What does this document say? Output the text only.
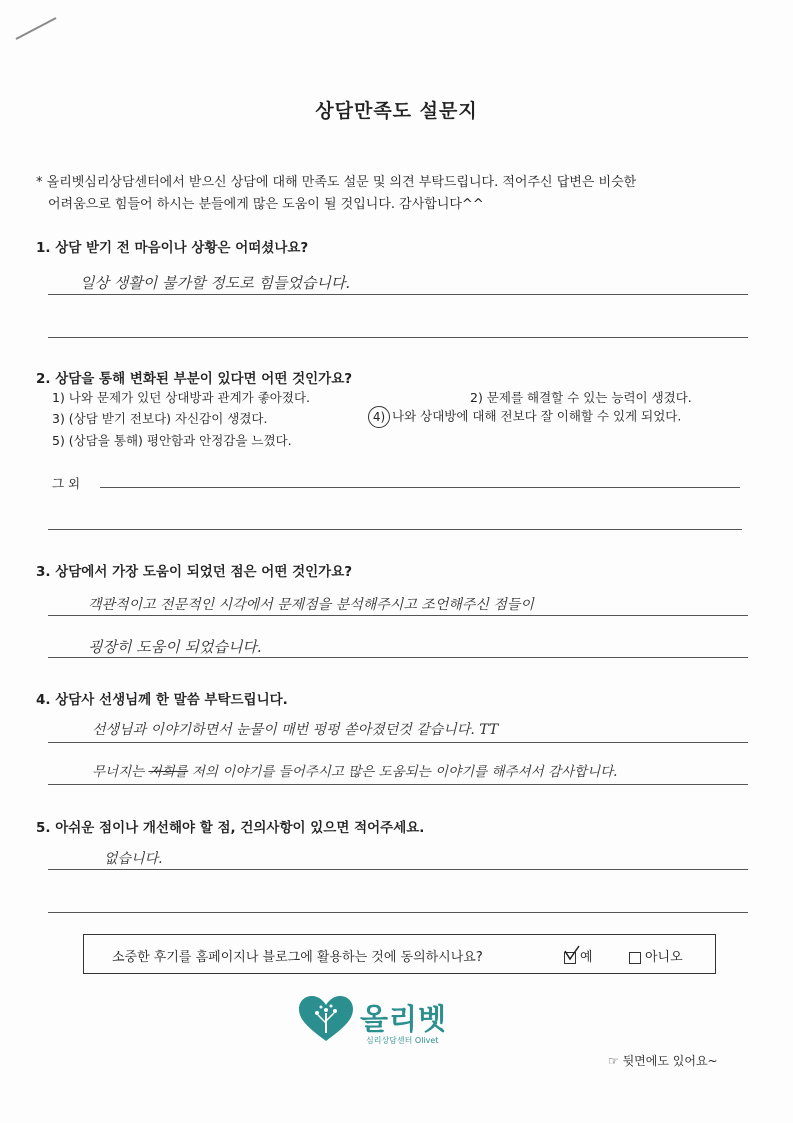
상담만족도 설문지
* 올리벳심리상담센터에서 받으신 상담에 대해 만족도 설문 및 의견 부탁드립니다. 적어주신 답변은 비슷한
어려움으로 힘들어 하시는 분들에게 많은 도움이 될 것입니다. 감사합니다^^
1. 상담 받기 전 마음이나 상황은 어떠셨나요?
일상 생활이 불가할 정도로 힘들었습니다.
2. 상담을 통해 변화된 부분이 있다면 어떤 것인가요?
1) 나와 문제가 있던 상대방과 관계가 좋아졌다.	2) 문제를 해결할 수 있는 능력이 생겼다.
3) (상담 받기 전보다) 자신감이 생겼다.	4) 나와 상대방에 대해 전보다 잘 이해할 수 있게 되었다.
5) (상담을 통해) 평안함과 안정감을 느꼈다.
그 외
3. 상담에서 가장 도움이 되었던 점은 어떤 것인가요?
객관적이고 전문적인 시각에서 문제점을 분석해주시고 조언해주신 점들이
굉장히 도움이 되었습니다.
4. 상담사 선생님께 한 말씀 부탁드립니다.
선생님과 이야기하면서 눈물이 매번 펑펑 쏟아졌던것 같습니다. TT
무너지는 저희를 저의 이야기를 들어주시고 많은 도움되는 이야기를 해주셔서 감사합니다.
5. 아쉬운 점이나 개선해야 할 점, 건의사항이 있으면 적어주세요.
없습니다.
소중한 후기를 홈페이지나 블로그에 활용하는 것에 동의하시나요?	예	아니오
올리벳
심리상담센터 Olivet
☞ 뒷면에도 있어요~
